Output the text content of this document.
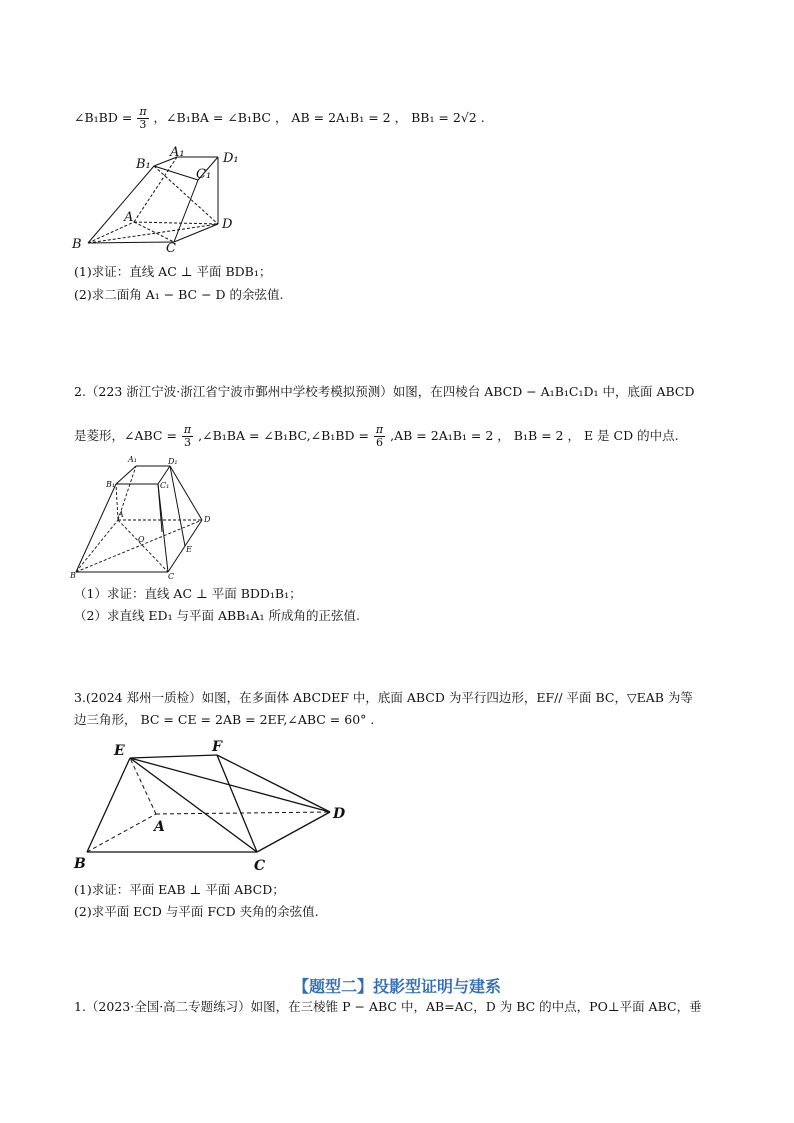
∠B₁BD = $\frac{\pi}{3}$ ，∠B₁BA = ∠B₁BC ， AB = 2A₁B₁ = 2 ， BB₁ = 2√2 .
A₁
B₁	D₁
C₁
A	D
B	C
(1)求证：直线 AC ⊥ 平面 BDB₁；
(2)求二面角 A₁ − BC − D 的余弦值.
2.（223 浙江宁波·浙江省宁波市鄞州中学校考模拟预测）如图，在四棱台 ABCD − A₁B₁C₁D₁ 中，底面 ABCD
是菱形，∠ABC = $\frac{\pi}{3}$ ,∠B₁BA = ∠B₁BC,∠B₁BD = $\frac{\pi}{6} ,AB = 2A_1B_1 = 2$ ， B₁B = 2 ， E 是 CD 的中点.
A₁	D₁
B₁	C₁
A
D
O
E
B	C
（1）求证：直线 AC ⊥ 平面 BDD₁B₁；
（2）求直线 ED₁ 与平面 ABB₁A₁ 所成角的正弦值.
3.(2024 郑州一质检）如图，在多面体 ABCDEF 中，底面 ABCD 为平行四边形，EF// 平面 BC，▽EAB 为等
边三角形， BC = CE = 2AB = 2EF,∠ABC = 60° .
E	F
A
D
B	C
(1)求证：平面 EAB ⊥ 平面 ABCD；
(2)求平面 ECD 与平面 FCD 夹角的余弦值.
【题型二】投影型证明与建系
1.（2023·全国·高二专题练习）如图，在三棱锥 P − ABC 中，AB=AC，D 为 BC 的中点，PO⊥平面 ABC，垂
